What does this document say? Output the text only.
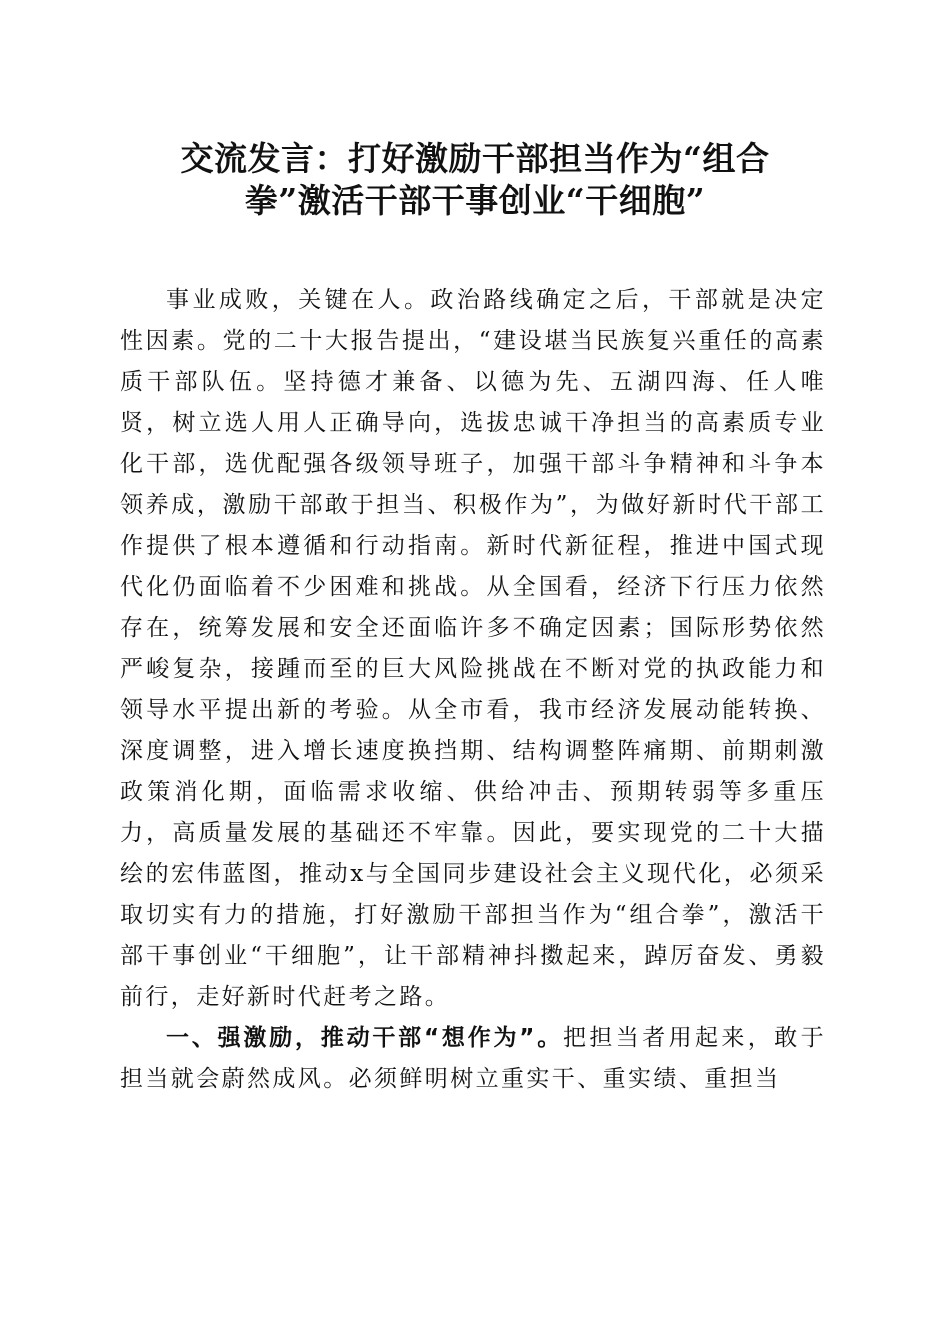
交流发言：打好激励干部担当作为“组合
拳”激活干部干事创业“干细胞”

事业成败，关键在人。政治路线确定之后，干部就是决定性因素。党的二十大报告提出，“建设堪当民族复兴重任的高素质干部队伍。坚持德才兼备、以德为先、五湖四海、任人唯贤，树立选人用人正确导向，选拔忠诚干净担当的高素质专业化干部，选优配强各级领导班子，加强干部斗争精神和斗争本领养成，激励干部敢于担当、积极作为”，为做好新时代干部工作提供了根本遵循和行动指南。新时代新征程，推进中国式现代化仍面临着不少困难和挑战。从全国看，经济下行压力依然存在，统筹发展和安全还面临许多不确定因素；国际形势依然严峻复杂，接踵而至的巨大风险挑战在不断对党的执政能力和领导水平提出新的考验。从全市看，我市经济发展动能转换、深度调整，进入增长速度换挡期、结构调整阵痛期、前期刺激政策消化期，面临需求收缩、供给冲击、预期转弱等多重压力，高质量发展的基础还不牢靠。因此，要实现党的二十大描绘的宏伟蓝图，推动x与全国同步建设社会主义现代化，必须采取切实有力的措施，打好激励干部担当作为“组合拳”，激活干部干事创业“干细胞”，让干部精神抖擞起来，踔厉奋发、勇毅前行，走好新时代赶考之路。

一、强激励，推动干部“想作为”。把担当者用起来，敢于担当就会蔚然成风。必须鲜明树立重实干、重实绩、重担当
